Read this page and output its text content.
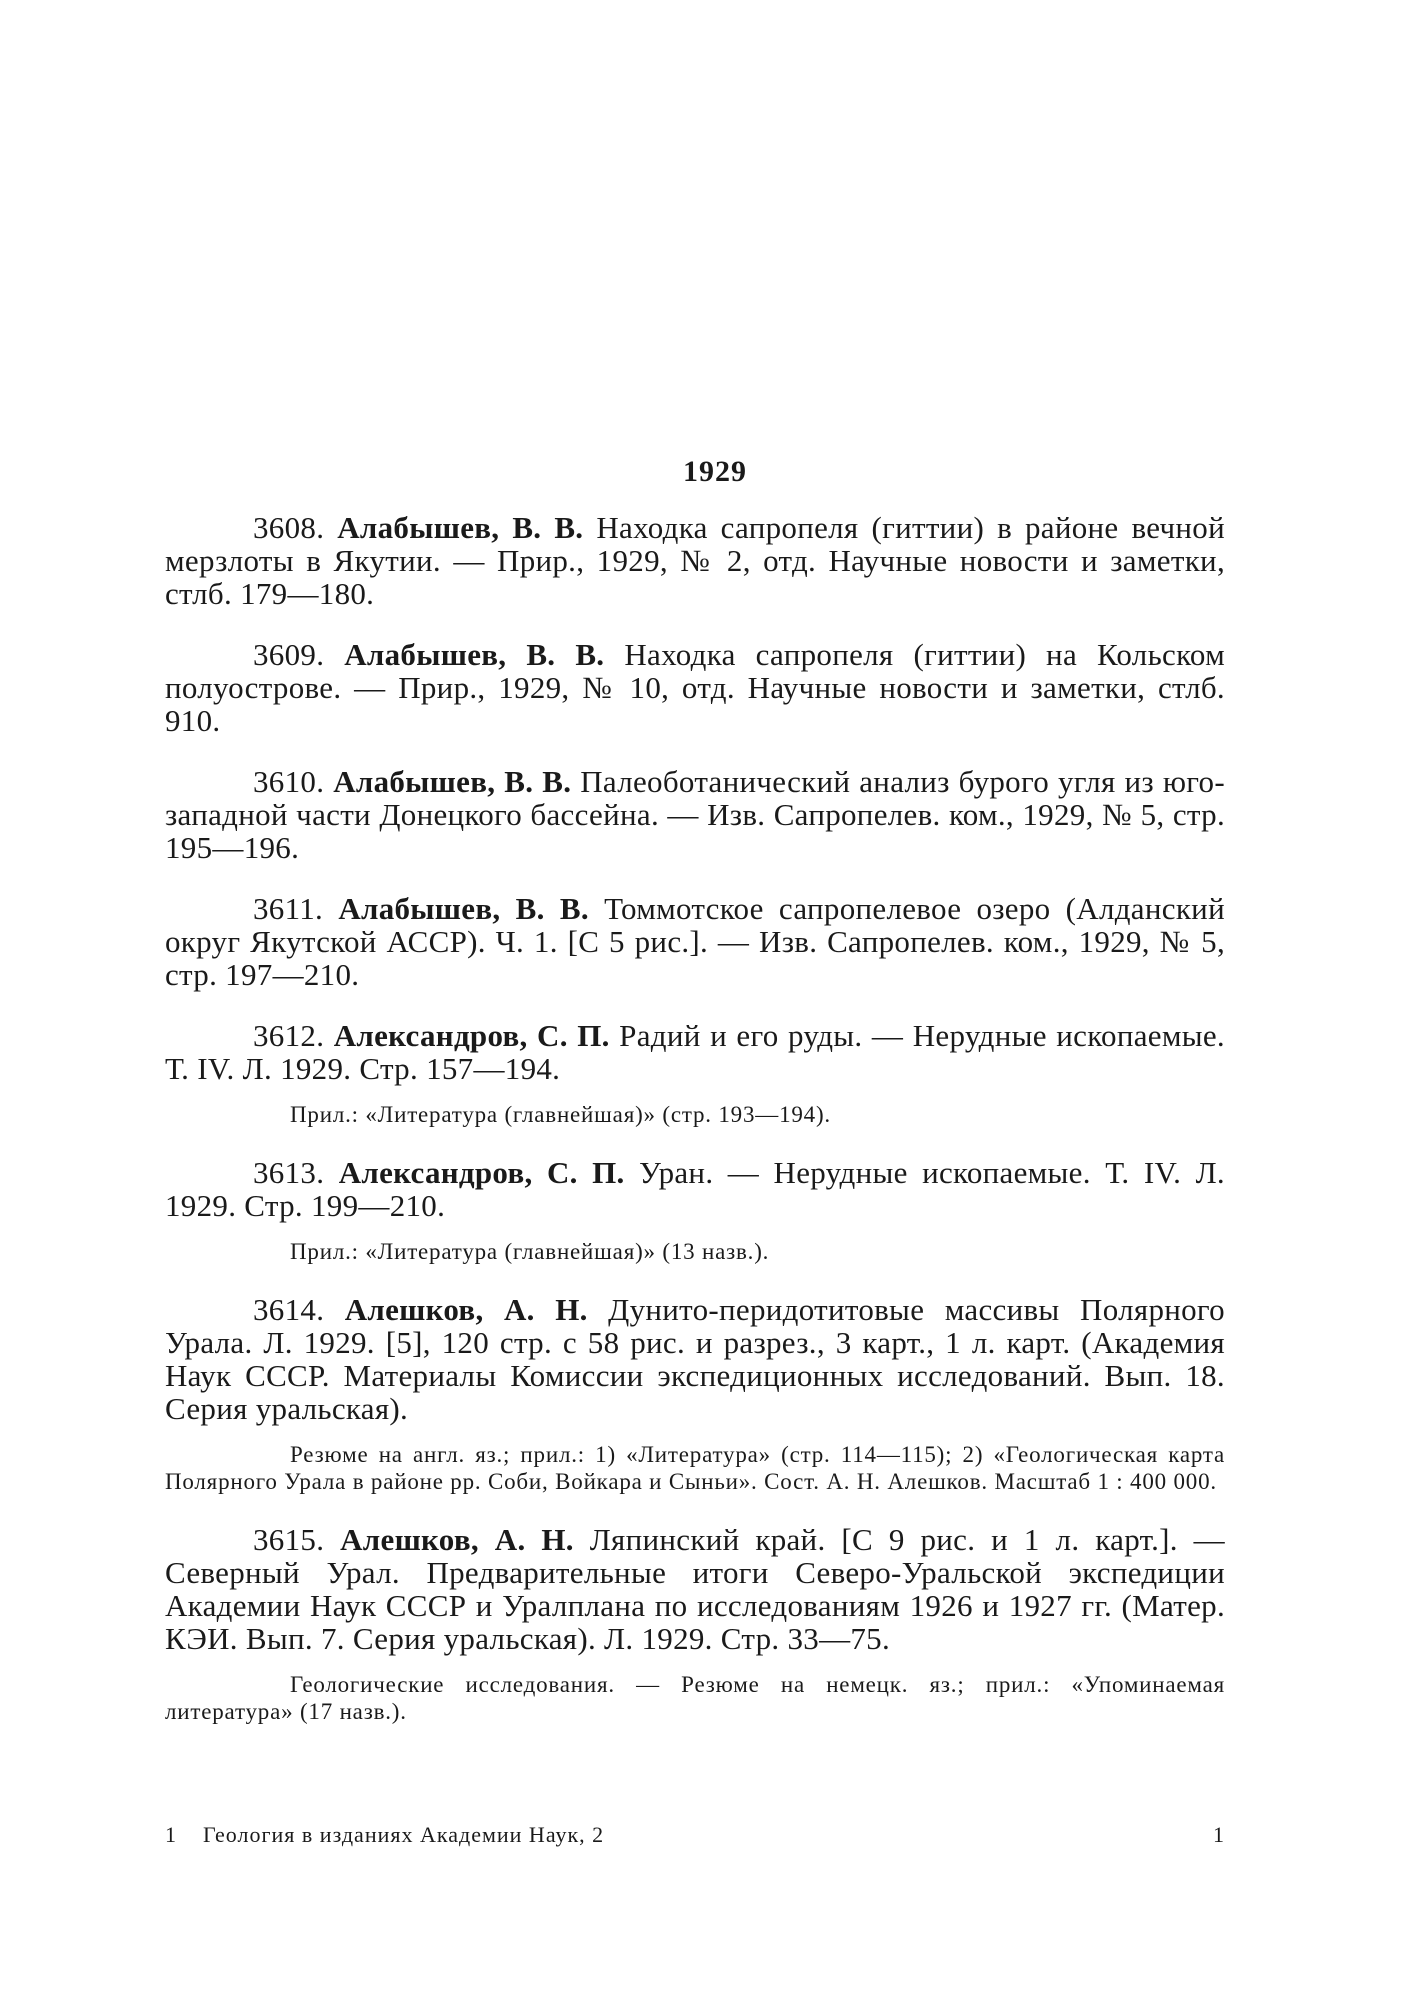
1929
3608. Алабышев, В. В. Находка сапропеля (гиттии) в районе вечной мерзлоты в Якутии. — Прир., 1929, № 2, отд. Научные новости и заметки, стлб. 179—180.
3609. Алабышев, В. В. Находка сапропеля (гиттии) на Кольском полуострове. — Прир., 1929, № 10, отд. Научные новости и заметки, стлб. 910.
3610. Алабышев, В. В. Палеоботанический анализ бурого угля из юго-западной части Донецкого бассейна. — Изв. Сапропелев. ком., 1929, № 5, стр. 195—196.
3611. Алабышев, В. В. Томмотское сапропелевое озеро (Алданский округ Якутской АССР). Ч. 1. [С 5 рис.]. — Изв. Сапропелев. ком., 1929, № 5, стр. 197—210.
3612. Александров, С. П. Радий и его руды. — Нерудные ископаемые. Т. IV. Л. 1929. Стр. 157—194.
Прил.: «Литература (главнейшая)» (стр. 193—194).
3613. Александров, С. П. Уран. — Нерудные ископаемые. Т. IV. Л. 1929. Стр. 199—210.
Прил.: «Литература (главнейшая)» (13 назв.).
3614. Алешков, А. Н. Дунито-перидотитовые массивы Полярного Урала. Л. 1929. [5], 120 стр. с 58 рис. и разрез., 3 карт., 1 л. карт. (Академия Наук СССР. Материалы Комиссии экспедиционных исследований. Вып. 18. Серия уральская).
Резюме на англ. яз.; прил.: 1) «Литература» (стр. 114—115); 2) «Геологическая карта Полярного Урала в районе рр. Соби, Войкара и Сыньи». Сост. А. Н. Алешков. Масштаб 1 : 400 000.
3615. Алешков, А. Н. Ляпинский край. [С 9 рис. и 1 л. карт.]. — Северный Урал. Предварительные итоги Северо-Уральской экспедиции Академии Наук СССР и Уралплана по исследованиям 1926 и 1927 гг. (Матер. КЭИ. Вып. 7. Серия уральская). Л. 1929. Стр. 33—75.
Геологические исследования. — Резюме на немецк. яз.; прил.: «Упоминаемая литература» (17 назв.).
1 Геология в изданиях Академии Наук, 2	1
